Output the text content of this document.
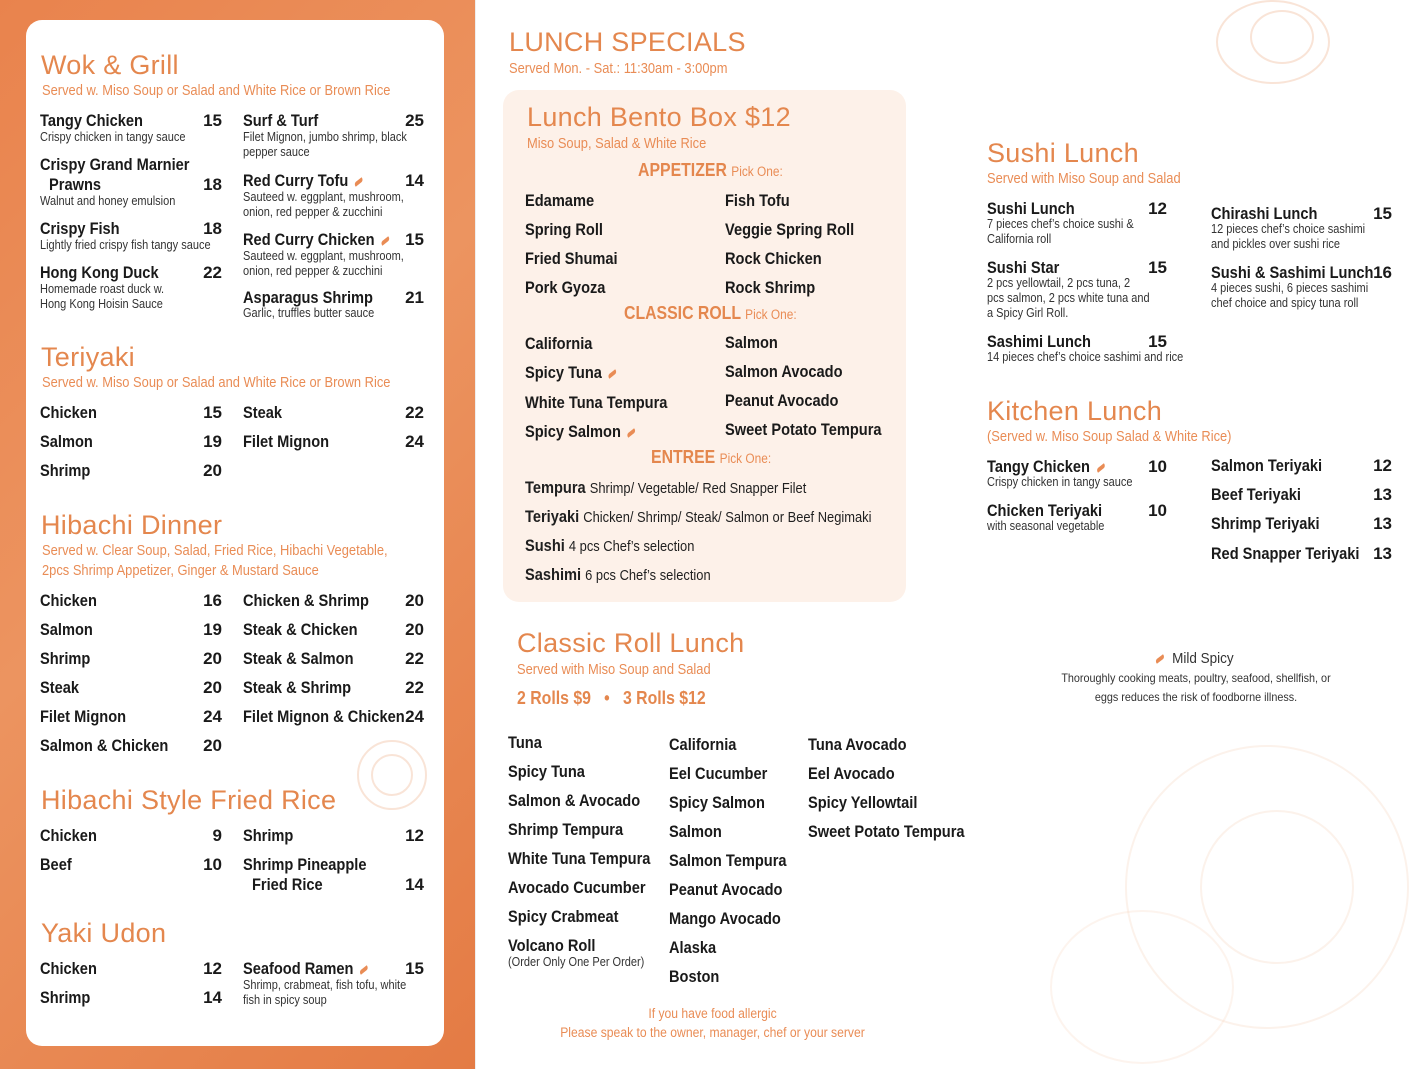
Wok & Grill
Served w. Miso Soup or Salad and White Rice or Brown Rice
Tangy Chicken	15
Crispy chicken in tangy sauce
Crispy Grand Marnier
Prawns	18
Walnut and honey emulsion
Crispy Fish	18
Lightly fried crispy fish tangy sauce
Hong Kong Duck	22
Homemade roast duck w. Hong Kong Hoisin Sauce
Surf & Turf	25
Filet Mignon, jumbo shrimp, black pepper sauce
Red Curry Tofu	14
Sauteed w. eggplant, mushroom, onion, red pepper & zucchini
Red Curry Chicken	15
Sauteed w. eggplant, mushroom, onion, red pepper & zucchini
Asparagus Shrimp	21
Garlic, truffles butter sauce
Teriyaki
Served w. Miso Soup or Salad and White Rice or Brown Rice
Chicken	15
Salmon	19
Shrimp	20
Steak	22
Filet Mignon	24
Hibachi Dinner
Served w. Clear Soup, Salad, Fried Rice, Hibachi Vegetable,
2pcs Shrimp Appetizer, Ginger & Mustard Sauce
Chicken	16
Salmon	19
Shrimp	20
Steak	20
Filet Mignon	24
Salmon & Chicken	20
Chicken & Shrimp	20
Steak & Chicken	20
Steak & Salmon	22
Steak & Shrimp	22
Filet Mignon & Chicken 24
Hibachi Style Fried Rice
Chicken	9
Beef	10
Shrimp	12
Shrimp Pineapple
Fried Rice	14
Yaki Udon
Chicken	12
Shrimp	14
Seafood Ramen	15
Shrimp, crabmeat, fish tofu, white fish in spicy soup
LUNCH SPECIALS
Served Mon. - Sat.: 11:30am - 3:00pm
Lunch Bento Box $12
Miso Soup, Salad & White Rice
APPETIZER Pick One:
Edamame
Spring Roll
Fried Shumai
Pork Gyoza
Fish Tofu
Veggie Spring Roll
Rock Chicken
Rock Shrimp
CLASSIC ROLL Pick One:
California
Spicy Tuna
White Tuna Tempura
Spicy Salmon
Salmon
Salmon Avocado
Peanut Avocado
Sweet Potato Tempura
ENTREE Pick One:
Tempura Shrimp/ Vegetable/ Red Snapper Filet
Teriyaki Chicken/ Shrimp/ Steak/ Salmon or Beef Negimaki
Sushi 4 pcs Chef’s selection
Sashimi 6 pcs Chef’s selection
Classic Roll Lunch
Served with Miso Soup and Salad
2 Rolls $9 • 3 Rolls $12
Tuna
Spicy Tuna
Salmon & Avocado
Shrimp Tempura
White Tuna Tempura
Avocado Cucumber
Spicy Crabmeat
Volcano Roll
(Order Only One Per Order)
California
Eel Cucumber
Spicy Salmon
Salmon
Salmon Tempura
Peanut Avocado
Mango Avocado
Alaska
Boston
Tuna Avocado
Eel Avocado
Spicy Yellowtail
Sweet Potato Tempura
If you have food allergic
Please speak to the owner, manager, chef or your server
Sushi Lunch
Served with Miso Soup and Salad
Sushi Lunch	12
7 pieces chef’s choice sushi & California roll
Sushi Star	15
2 pcs yellowtail, 2 pcs tuna, 2 pcs salmon, 2 pcs white tuna and a Spicy Girl Roll.
Sashimi Lunch	15
14 pieces chef’s choice sashimi and rice
Chirashi Lunch	15
12 pieces chef’s choice sashimi and pickles over sushi rice
Sushi & Sashimi Lunch 16
4 pieces sushi, 6 pieces sashimi chef choice and spicy tuna roll
Kitchen Lunch
(Served w. Miso Soup Salad & White Rice)
Tangy Chicken	10
Crispy chicken in tangy sauce
Chicken Teriyaki	10
with seasonal vegetable
Salmon Teriyaki	12
Beef Teriyaki	13
Shrimp Teriyaki	13
Red Snapper Teriyaki 13
Mild Spicy
Thoroughly cooking meats, poultry, seafood, shellfish, or
eggs reduces the risk of foodborne illness.
